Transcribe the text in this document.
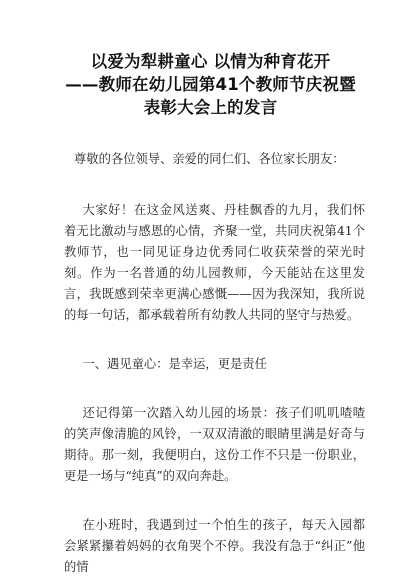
以爱为犁耕童心 以情为种育花开
——教师在幼儿园第41个教师节庆祝暨
表彰大会上的发言

尊敬的各位领导、亲爱的同仁们、各位家长朋友：

大家好！在这金风送爽、丹桂飘香的九月，我们怀着无比激动与感恩的心情，齐聚一堂，共同庆祝第41个教师节，也一同见证身边优秀同仁收获荣誉的荣光时刻。作为一名普通的幼儿园教师，今天能站在这里发言，我既感到荣幸更满心感慨——因为我深知，我所说的每一句话，都承载着所有幼教人共同的坚守与热爱。

一、遇见童心：是幸运，更是责任

还记得第一次踏入幼儿园的场景：孩子们叽叽喳喳的笑声像清脆的风铃，一双双清澈的眼睛里满是好奇与期待。那一刻，我便明白，这份工作不只是一份职业，更是一场与“纯真”的双向奔赴。

在小班时，我遇到过一个怕生的孩子，每天入园都会紧紧攥着妈妈的衣角哭个不停。我没有急于“纠正”他的情
